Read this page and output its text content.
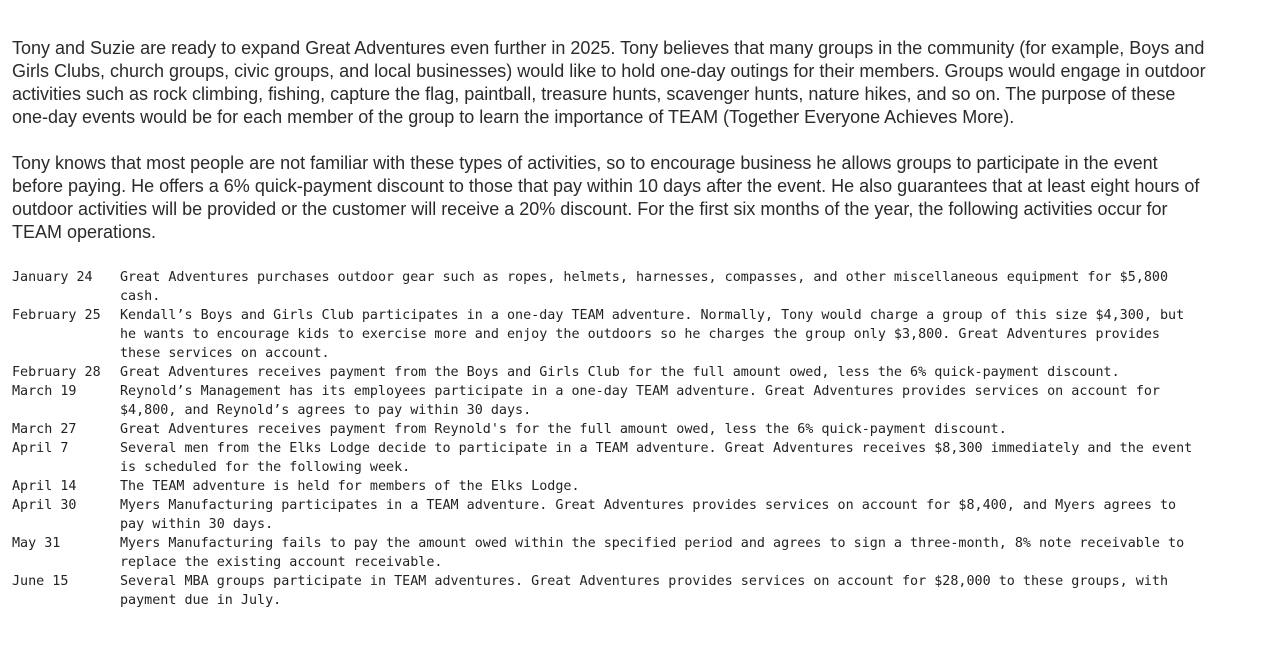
Tony and Suzie are ready to expand Great Adventures even further in 2025. Tony believes that many groups in the community (for example, Boys and Girls Clubs, church groups, civic groups, and local businesses) would like to hold one-day outings for their members. Groups would engage in outdoor activities such as rock climbing, fishing, capture the flag, paintball, treasure hunts, scavenger hunts, nature hikes, and so on. The purpose of these one-day events would be for each member of the group to learn the importance of TEAM (Together Everyone Achieves More).

Tony knows that most people are not familiar with these types of activities, so to encourage business he allows groups to participate in the event before paying. He offers a 6% quick-payment discount to those that pay within 10 days after the event. He also guarantees that at least eight hours of outdoor activities will be provided or the customer will receive a 20% discount. For the first six months of the year, the following activities occur for TEAM operations.

January 24	Great Adventures purchases outdoor gear such as ropes, helmets, harnesses, compasses, and other miscellaneous equipment for $5,800 cash.
February 25	Kendall’s Boys and Girls Club participates in a one-day TEAM adventure. Normally, Tony would charge a group of this size $4,300, but he wants to encourage kids to exercise more and enjoy the outdoors so he charges the group only $3,800. Great Adventures provides these services on account.
February 28	Great Adventures receives payment from the Boys and Girls Club for the full amount owed, less the 6% quick-payment discount.
March 19	Reynold’s Management has its employees participate in a one-day TEAM adventure. Great Adventures provides services on account for $4,800, and Reynold’s agrees to pay within 30 days.
March 27	Great Adventures receives payment from Reynold's for the full amount owed, less the 6% quick-payment discount.
April 7	Several men from the Elks Lodge decide to participate in a TEAM adventure. Great Adventures receives $8,300 immediately and the event is scheduled for the following week.
April 14	The TEAM adventure is held for members of the Elks Lodge.
April 30	Myers Manufacturing participates in a TEAM adventure. Great Adventures provides services on account for $8,400, and Myers agrees to pay within 30 days.
May 31	Myers Manufacturing fails to pay the amount owed within the specified period and agrees to sign a three-month, 8% note receivable to replace the existing account receivable.
June 15	Several MBA groups participate in TEAM adventures. Great Adventures provides services on account for $28,000 to these groups, with payment due in July.
